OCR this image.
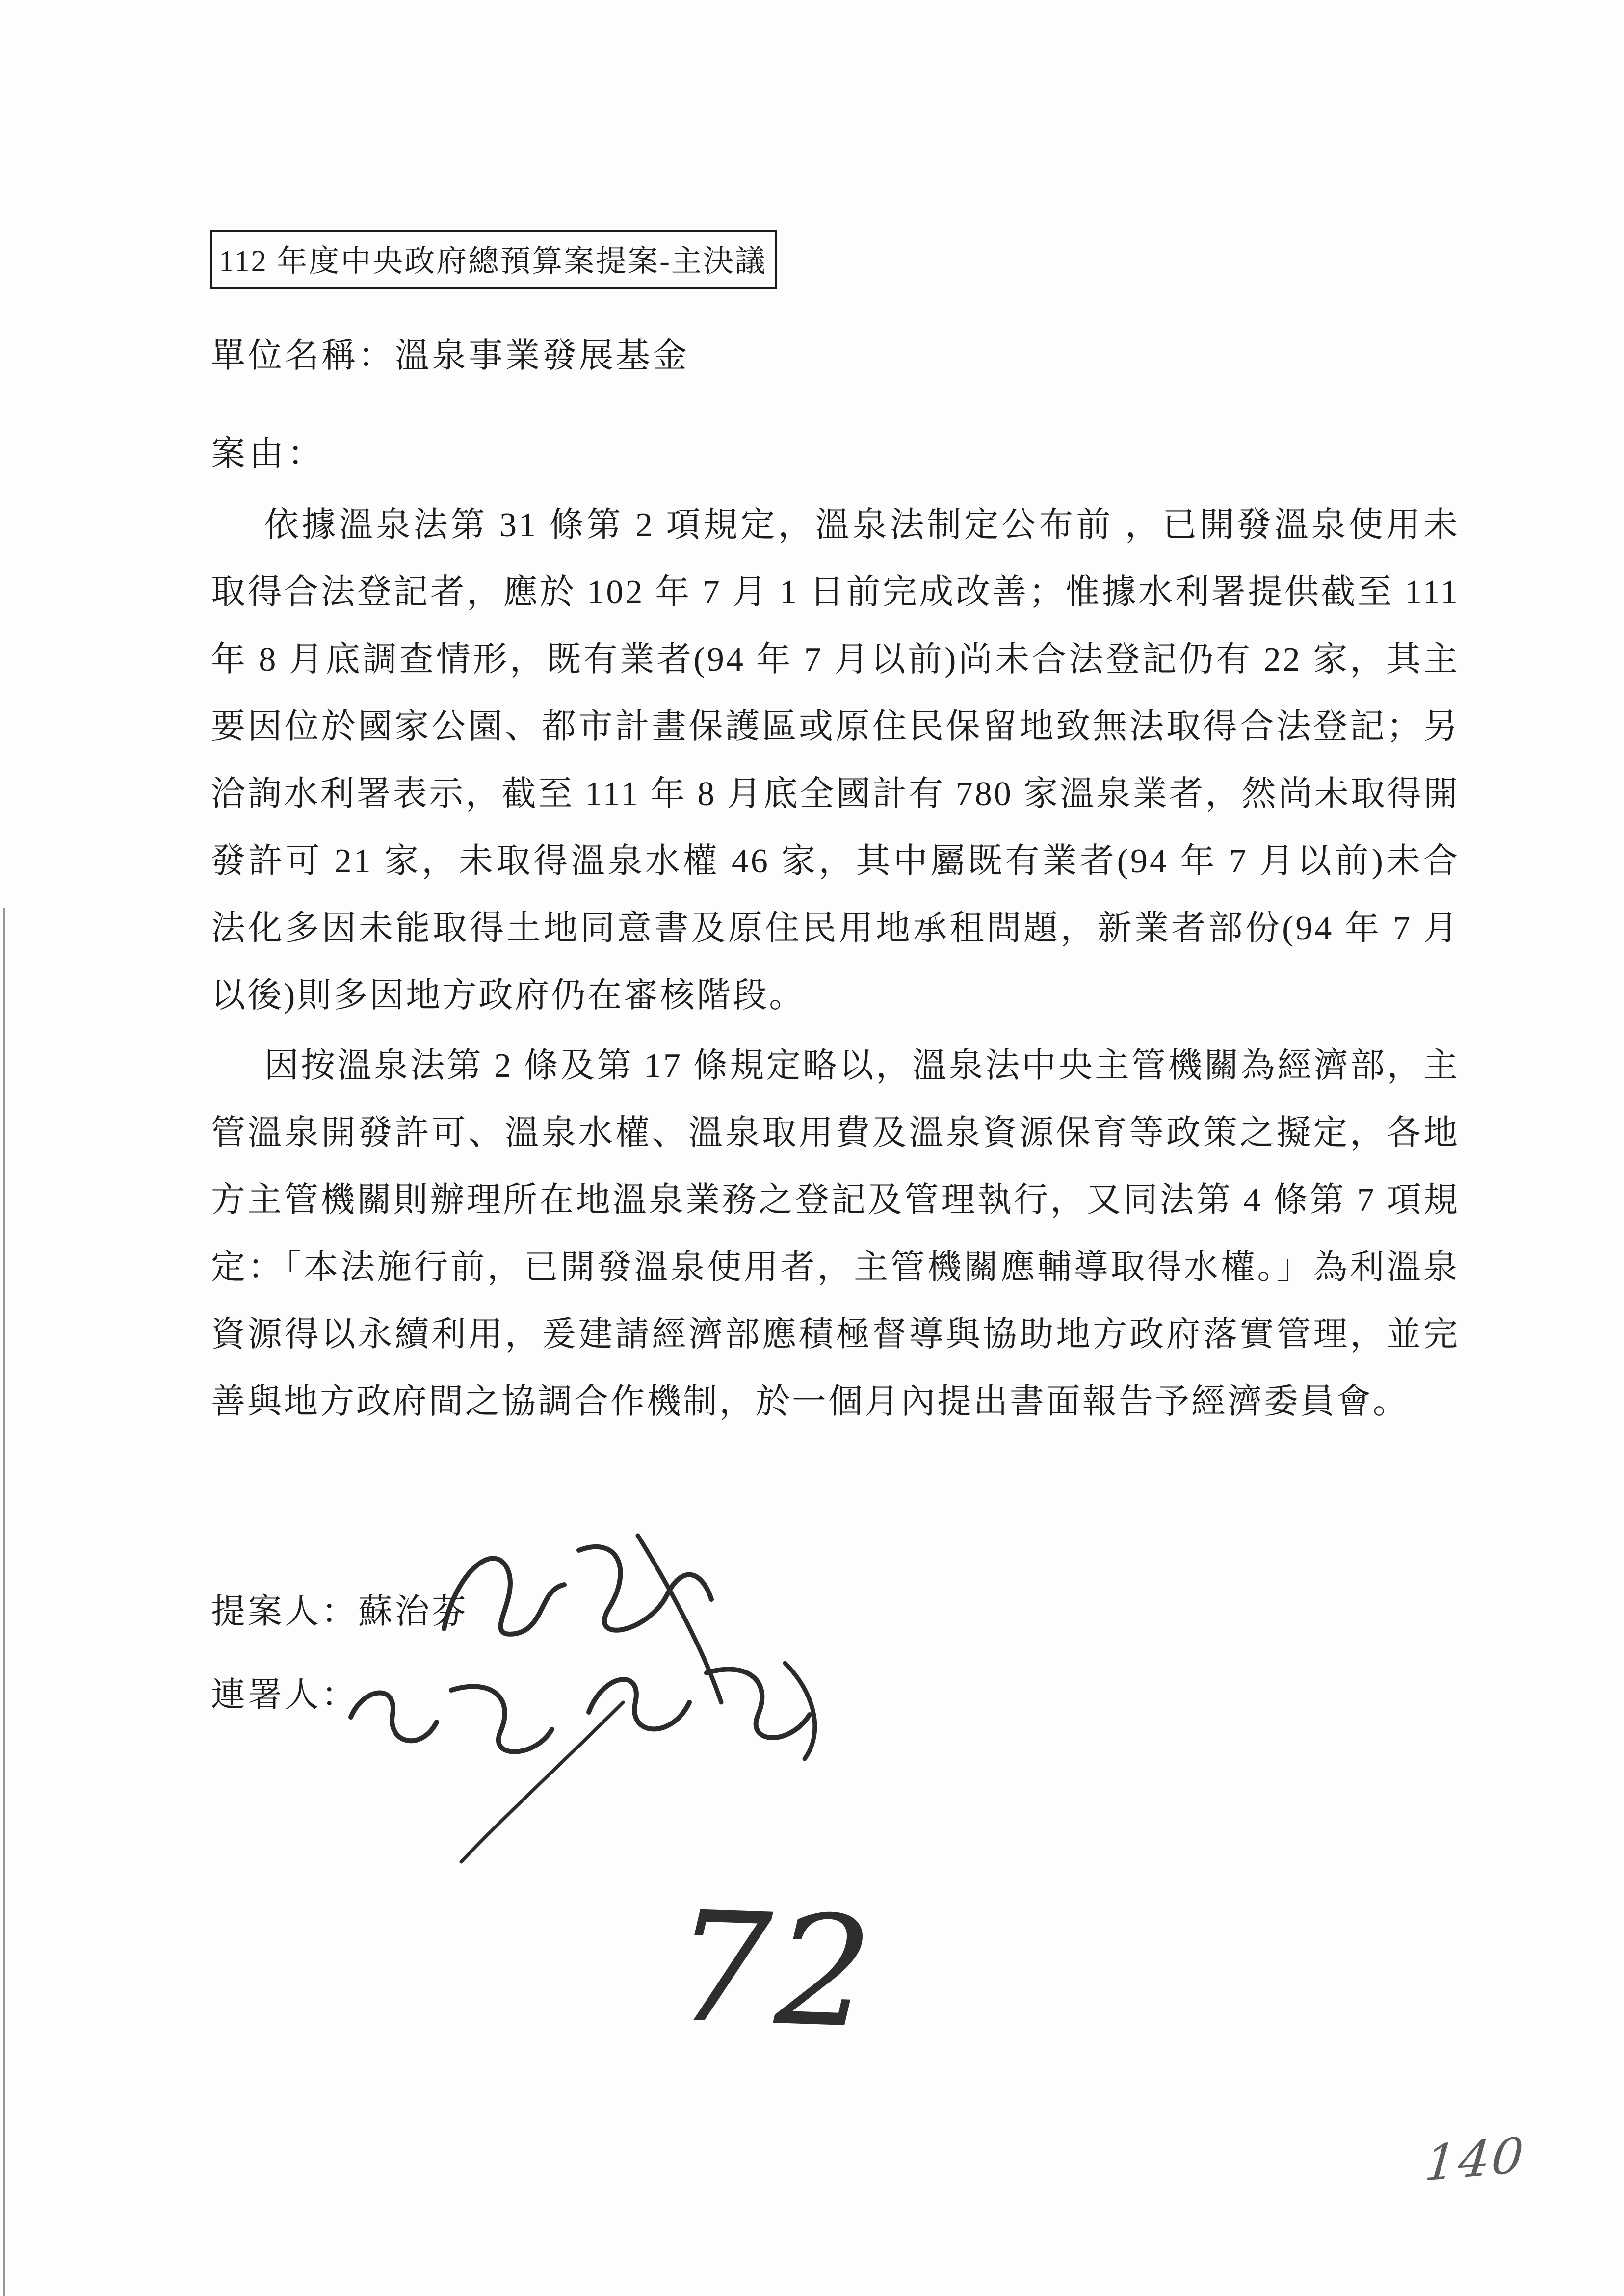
112 年度中央政府總預算案提案-主決議
單位名稱：溫泉事業發展基金
案由：

依據溫泉法第 31 條第 2 項規定，溫泉法制定公布前 ，已開發溫泉使用未取得合法登記者，應於 102 年 7 月 1 日前完成改善；惟據水利署提供截至 111 年 8 月底調查情形，既有業者(94 年 7 月以前)尚未合法登記仍有 22 家，其主要因位於國家公園、都市計畫保護區或原住民保留地致無法取得合法登記；另洽詢水利署表示，截至 111 年 8 月底全國計有 780 家溫泉業者，然尚未取得開發許可 21 家，未取得溫泉水權 46 家，其中屬既有業者(94 年 7 月以前)未合法化多因未能取得土地同意書及原住民用地承租問題，新業者部份(94 年 7 月以後)則多因地方政府仍在審核階段。

因按溫泉法第 2 條及第 17 條規定略以，溫泉法中央主管機關為經濟部，主管溫泉開發許可、溫泉水權、溫泉取用費及溫泉資源保育等政策之擬定，各地方主管機關則辦理所在地溫泉業務之登記及管理執行，又同法第 4 條第 7 項規定：「本法施行前，已開發溫泉使用者，主管機關應輔導取得水權。」為利溫泉資源得以永續利用，爰建請經濟部應積極督導與協助地方政府落實管理，並完善與地方政府間之協調合作機制，於一個月內提出書面報告予經濟委員會。

提案人：蘇治芬
連署人：
72
140
